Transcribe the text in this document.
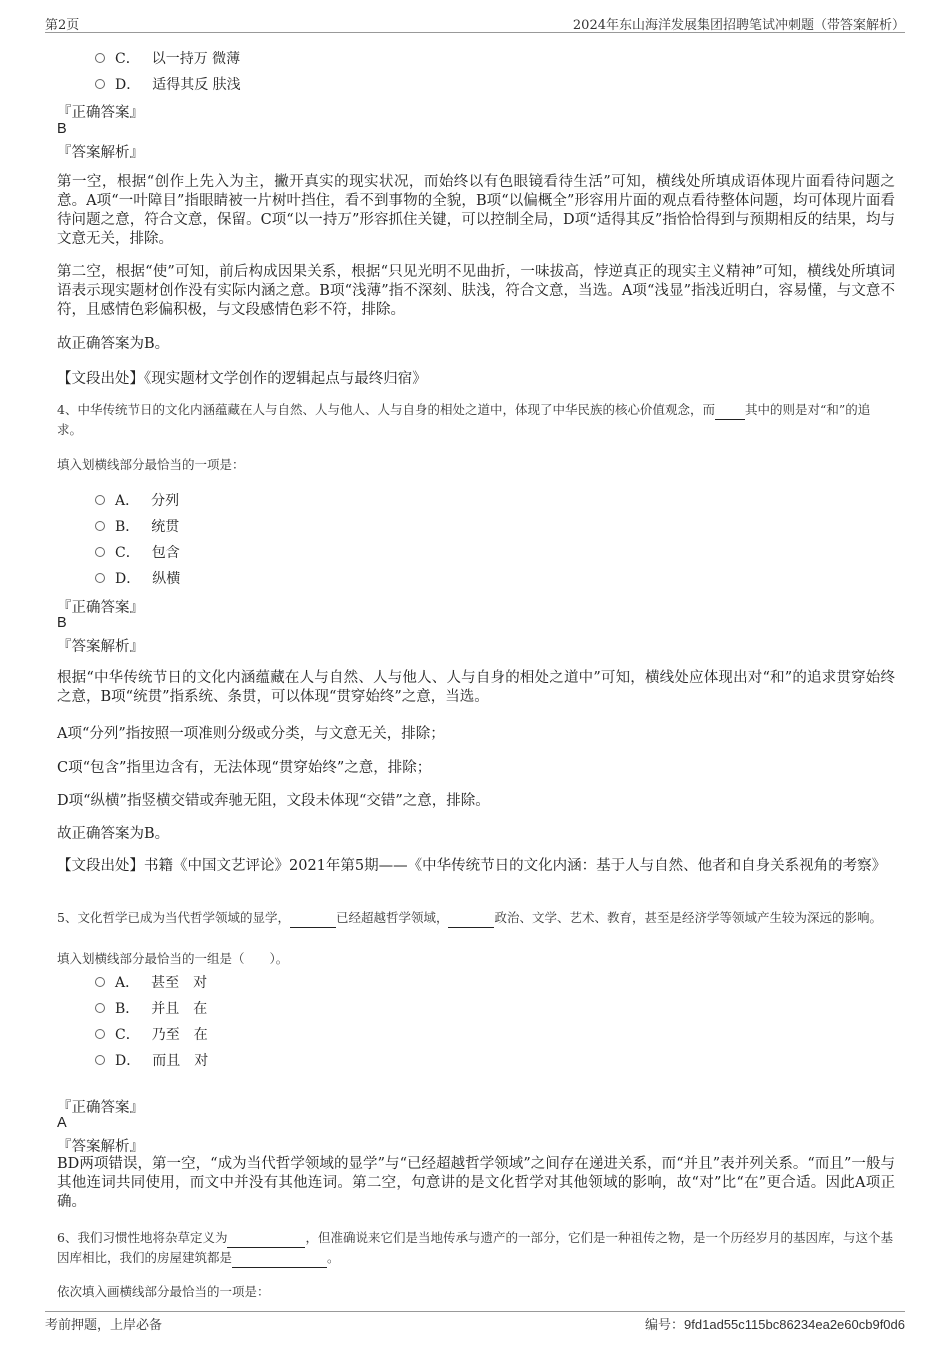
第2页	2024年东山海洋发展集团招聘笔试冲刺题（带答案解析）
C． 以一持万 微薄
D． 适得其反 肤浅
『正确答案』
B
『答案解析』
第一空，根据“创作上先入为主，撇开真实的现实状况，而始终以有色眼镜看待生活”可知，横线处所填成语体现片面看待问题之意。A项“一叶障目”指眼睛被一片树叶挡住，看不到事物的全貌，B项“以偏概全”形容用片面的观点看待整体问题，均可体现片面看待问题之意，符合文意，保留。C项“以一持万”形容抓住关键，可以控制全局，D项“适得其反”指恰恰得到与预期相反的结果，均与文意无关，排除。
第二空，根据“使”可知，前后构成因果关系，根据“只见光明不见曲折，一味拔高，悖逆真正的现实主义精神”可知，横线处所填词语表示现实题材创作没有实际内涵之意。B项“浅薄”指不深刻、肤浅，符合文意，当选。A项“浅显”指浅近明白，容易懂，与文意不符，且感情色彩偏积极，与文段感情色彩不符，排除。
故正确答案为B。
【文段出处】《现实题材文学创作的逻辑起点与最终归宿》
4、中华传统节日的文化内涵蕴藏在人与自然、人与他人、人与自身的相处之道中，体现了中华民族的核心价值观念，而 其中的则是对“和”的追求。
填入划横线部分最恰当的一项是：
A． 分列
B． 统贯
C． 包含
D． 纵横
『正确答案』
B
『答案解析』
根据“中华传统节日的文化内涵蕴藏在人与自然、人与他人、人与自身的相处之道中”可知，横线处应体现出对“和”的追求贯穿始终之意，B项“统贯”指系统、条贯，可以体现“贯穿始终”之意，当选。
A项“分列”指按照一项准则分级或分类，与文意无关，排除；
C项“包含”指里边含有，无法体现“贯穿始终”之意，排除；
D项“纵横”指竖横交错或奔驰无阻，文段未体现“交错”之意，排除。
故正确答案为B。
【文段出处】书籍《中国文艺评论》2021年第5期——《中华传统节日的文化内涵：基于人与自然、他者和自身关系视角的考察》
5、文化哲学已成为当代哲学领域的显学，	已经超越哲学领域，	政治、文学、艺术、教育，甚至是经济学等领域产生较为深远的影响。
填入划横线部分最恰当的一组是（　　）。
A． 甚至　对
B． 并且　在
C． 乃至　在
D． 而且　对
『正确答案』
A
『答案解析』
BD两项错误，第一空，“成为当代哲学领域的显学”与“已经超越哲学领域”之间存在递进关系，而“并且”表并列关系。“而且”一般与其他连词共同使用，而文中并没有其他连词。第二空，句意讲的是文化哲学对其他领域的影响，故“对”比“在”更合适。因此A项正确。
6、我们习惯性地将杂草定义为	，但准确说来它们是当地传承与遗产的一部分，它们是一种祖传之物，是一个历经岁月的基因库，与这个基因库相比，我们的房屋建筑都是	。
依次填入画横线部分最恰当的一项是：
考前押题，上岸必备	编号：9fd1ad55c115bc86234ea2e60cb9f0d6
